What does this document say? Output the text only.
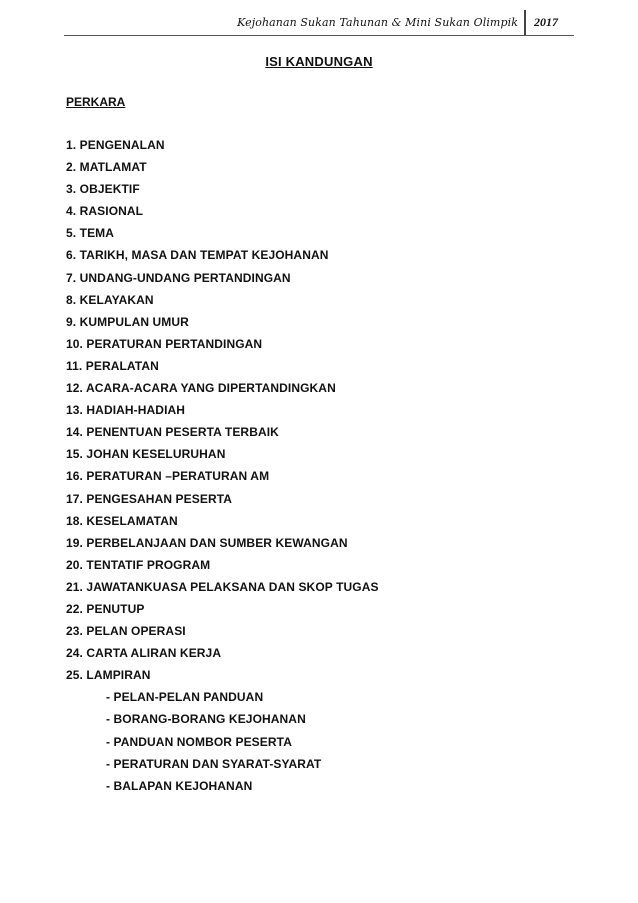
Kejohanan Sukan Tahunan & Mini Sukan Olimpik 2017
ISI KANDUNGAN
PERKARA
1. PENGENALAN
2. MATLAMAT
3. OBJEKTIF
4. RASIONAL
5. TEMA
6. TARIKH, MASA DAN TEMPAT KEJOHANAN
7. UNDANG-UNDANG PERTANDINGAN
8. KELAYAKAN
9. KUMPULAN UMUR
10. PERATURAN PERTANDINGAN
11. PERALATAN
12. ACARA-ACARA YANG DIPERTANDINGKAN
13. HADIAH-HADIAH
14. PENENTUAN PESERTA TERBAIK
15. JOHAN KESELURUHAN
16. PERATURAN –PERATURAN AM
17. PENGESAHAN PESERTA
18. KESELAMATAN
19. PERBELANJAAN DAN SUMBER KEWANGAN
20. TENTATIF PROGRAM
21. JAWATANKUASA PELAKSANA DAN SKOP TUGAS
22. PENUTUP
23. PELAN OPERASI
24. CARTA ALIRAN KERJA
25. LAMPIRAN
- PELAN-PELAN PANDUAN
- BORANG-BORANG KEJOHANAN
- PANDUAN NOMBOR PESERTA
- PERATURAN DAN SYARAT-SYARAT
- BALAPAN KEJOHANAN
